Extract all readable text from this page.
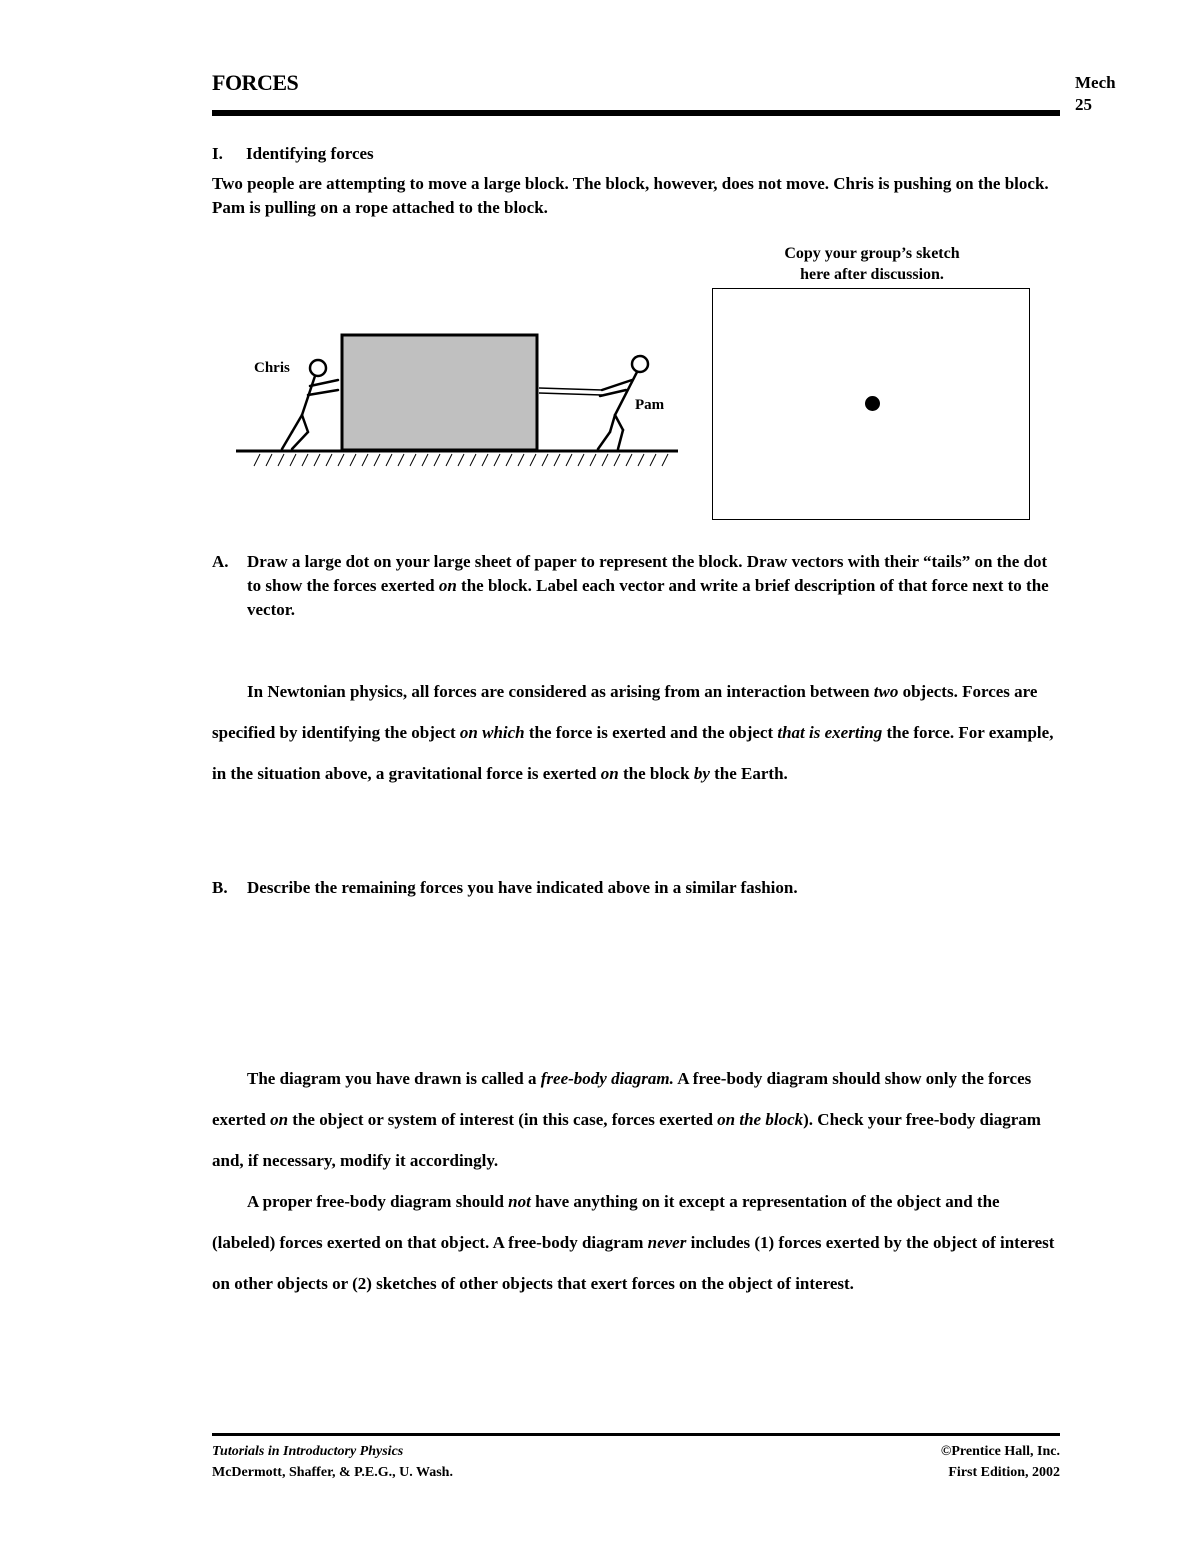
FORCES	Mech
25
I. Identifying forces
Two people are attempting to move a large block. The block, however, does not move. Chris is pushing on the block. Pam is pulling on a rope attached to the block.
Chris
Pam
Copy your group’s sketch
here after discussion.
A.	Draw a large dot on your large sheet of paper to represent the block. Draw vectors with their “tails” on the dot to show the forces exerted on the block. Label each vector and write a brief description of that force next to the vector.

In Newtonian physics, all forces are considered as arising from an interaction between two objects. Forces are specified by identifying the object on which the force is exerted and the object that is exerting the force. For example, in the situation above, a gravitational force is exerted on the block by the Earth.

B.	Describe the remaining forces you have indicated above in a similar fashion.

The diagram you have drawn is called a free-body diagram. A free-body diagram should show only the forces exerted on the object or system of interest (in this case, forces exerted on the block). Check your free-body diagram and, if necessary, modify it accordingly.

A proper free-body diagram should not have anything on it except a representation of the object and the (labeled) forces exerted on that object. A free-body diagram never includes (1) forces exerted by the object of interest on other objects or (2) sketches of other objects that exert forces on the object of interest.

Tutorials in Introductory Physics
McDermott, Shaffer, & P.E.G., U. Wash.
©Prentice Hall, Inc.
First Edition, 2002
